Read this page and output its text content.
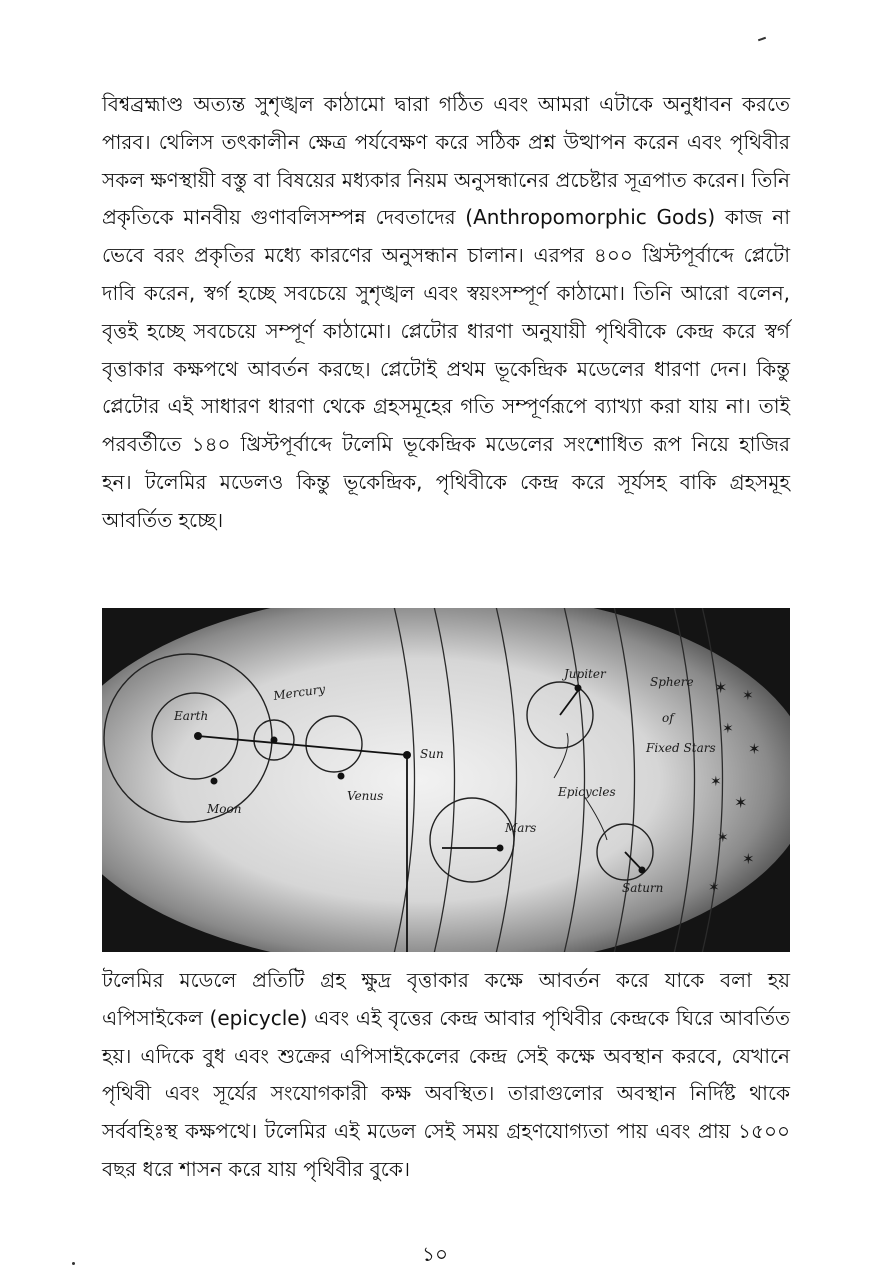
বিশ্বব্রহ্মাণ্ড অত্যন্ত সুশৃঙ্খল কাঠামো দ্বারা গঠিত এবং আমরা এটাকে অনুধাবন করতে পারব। থেলিস তৎকালীন ক্ষেত্র পর্যবেক্ষণ করে সঠিক প্রশ্ন উত্থাপন করেন এবং পৃথিবীর সকল ক্ষণস্থায়ী বস্তু বা বিষয়ের মধ্যকার নিয়ম অনুসন্ধানের প্রচেষ্টার সূত্রপাত করেন। তিনি প্রকৃতিকে মানবীয় গুণাবলিসম্পন্ন দেবতাদের (Anthropomorphic Gods) কাজ না ভেবে বরং প্রকৃতির মধ্যে কারণের অনুসন্ধান চালান। এরপর ৪০০ খ্রিস্টপূর্বাব্দে প্লেটো দাবি করেন, স্বর্গ হচ্ছে সবচেয়ে সুশৃঙ্খল এবং স্বয়ংসম্পূর্ণ কাঠামো। তিনি আরো বলেন, বৃত্তই হচ্ছে সবচেয়ে সম্পূর্ণ কাঠামো। প্লেটোর ধারণা অনুযায়ী পৃথিবীকে কেন্দ্র করে স্বর্গ বৃত্তাকার কক্ষপথে আবর্তন করছে। প্লেটোই প্রথম ভূকেন্দ্রিক মডেলের ধারণা দেন। কিন্তু প্লেটোর এই সাধারণ ধারণা থেকে গ্রহসমূহের গতি সম্পূর্ণরূপে ব্যাখ্যা করা যায় না। তাই পরবর্তীতে ১৪০ খ্রিস্টপূর্বাব্দে টলেমি ভূকেন্দ্রিক মডেলের সংশোধিত রূপ নিয়ে হাজির হন। টলেমির মডেলও কিন্তু ভূকেন্দ্রিক, পৃথিবীকে কেন্দ্র করে সূর্যসহ বাকি গ্রহসমূহ আবর্তিত হচ্ছে।

✶ ✶
✶
✶
✶
✶
✶
✶
✶
Earth
Moon
Mercury
Venus
Sun
Mars
Jupiter
Saturn
Epicycles
Sphere
of
Fixed Stars

টলেমির মডেলে প্রতিটি গ্রহ ক্ষুদ্র বৃত্তাকার কক্ষে আবর্তন করে যাকে বলা হয় এপিসাইকেল (epicycle) এবং এই বৃত্তের কেন্দ্র আবার পৃথিবীর কেন্দ্রকে ঘিরে আবর্তিত হয়। এদিকে বুধ এবং শুক্রের এপিসাইকেলের কেন্দ্র সেই কক্ষে অবস্থান করবে, যেখানে পৃথিবী এবং সূর্যের সংযোগকারী কক্ষ অবস্থিত। তারাগুলোর অবস্থান নির্দিষ্ট থাকে সর্ববহিঃস্থ কক্ষপথে। টলেমির এই মডেল সেই সময় গ্রহণযোগ্যতা পায় এবং প্রায় ১৫০০ বছর ধরে শাসন করে যায় পৃথিবীর বুকে।

১০
